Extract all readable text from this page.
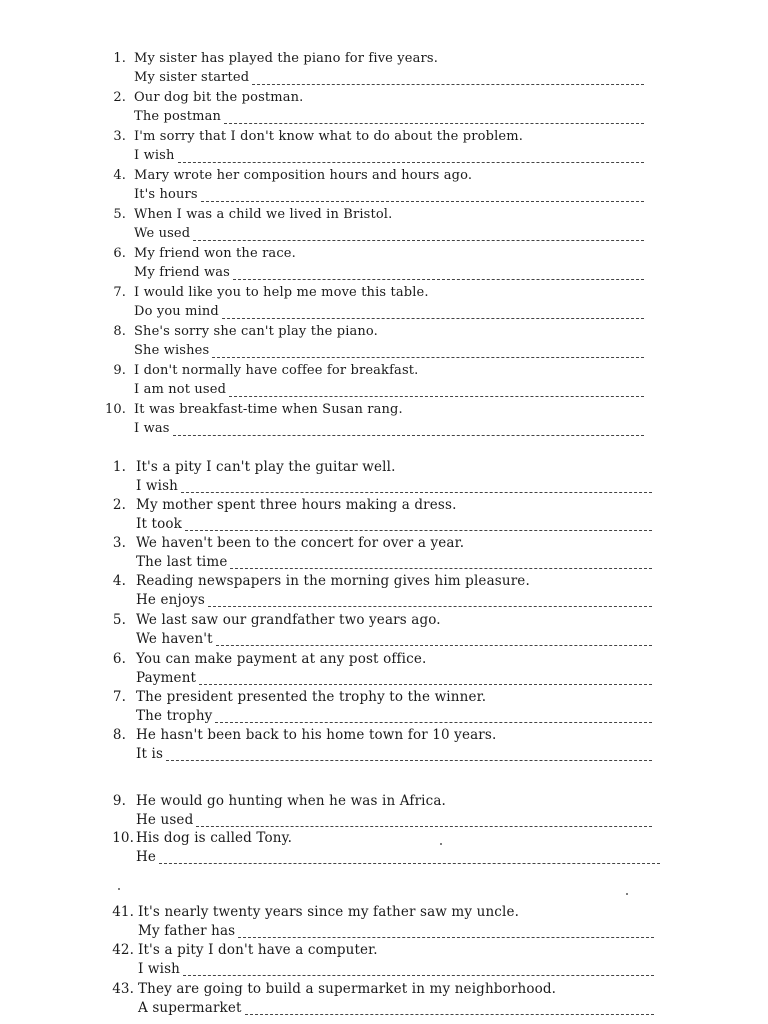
1. My sister has played the piano for five years.
My sister started
2. Our dog bit the postman.
The postman
3. I'm sorry that I don't know what to do about the problem.
I wish
4. Mary wrote her composition hours and hours ago.
It's hours
5. When I was a child we lived in Bristol.
We used
6. My friend won the race.
My friend was
7. I would like you to help me move this table.
Do you mind
8. She's sorry she can't play the piano.
She wishes
9. I don't normally have coffee for breakfast.
I am not used
10. It was breakfast-time when Susan rang.
I was
1. It's a pity I can't play the guitar well.
I wish
2. My mother spent three hours making a dress.
It took
3. We haven't been to the concert for over a year.
The last time
4. Reading newspapers in the morning gives him pleasure.
He enjoys
5. We last saw our grandfather two years ago.
We haven't
6. You can make payment at any post office.
Payment
7. The president presented the trophy to the winner.
The trophy
8. He hasn't been back to his home town for 10 years.
It is
9. He would go hunting when he was in Africa.
He used
10. His dog is called Tony.
He
41. It's nearly twenty years since my father saw my uncle.
My father has
42. It's a pity I don't have a computer.
I wish
43. They are going to build a supermarket in my neighborhood.
A supermarket
